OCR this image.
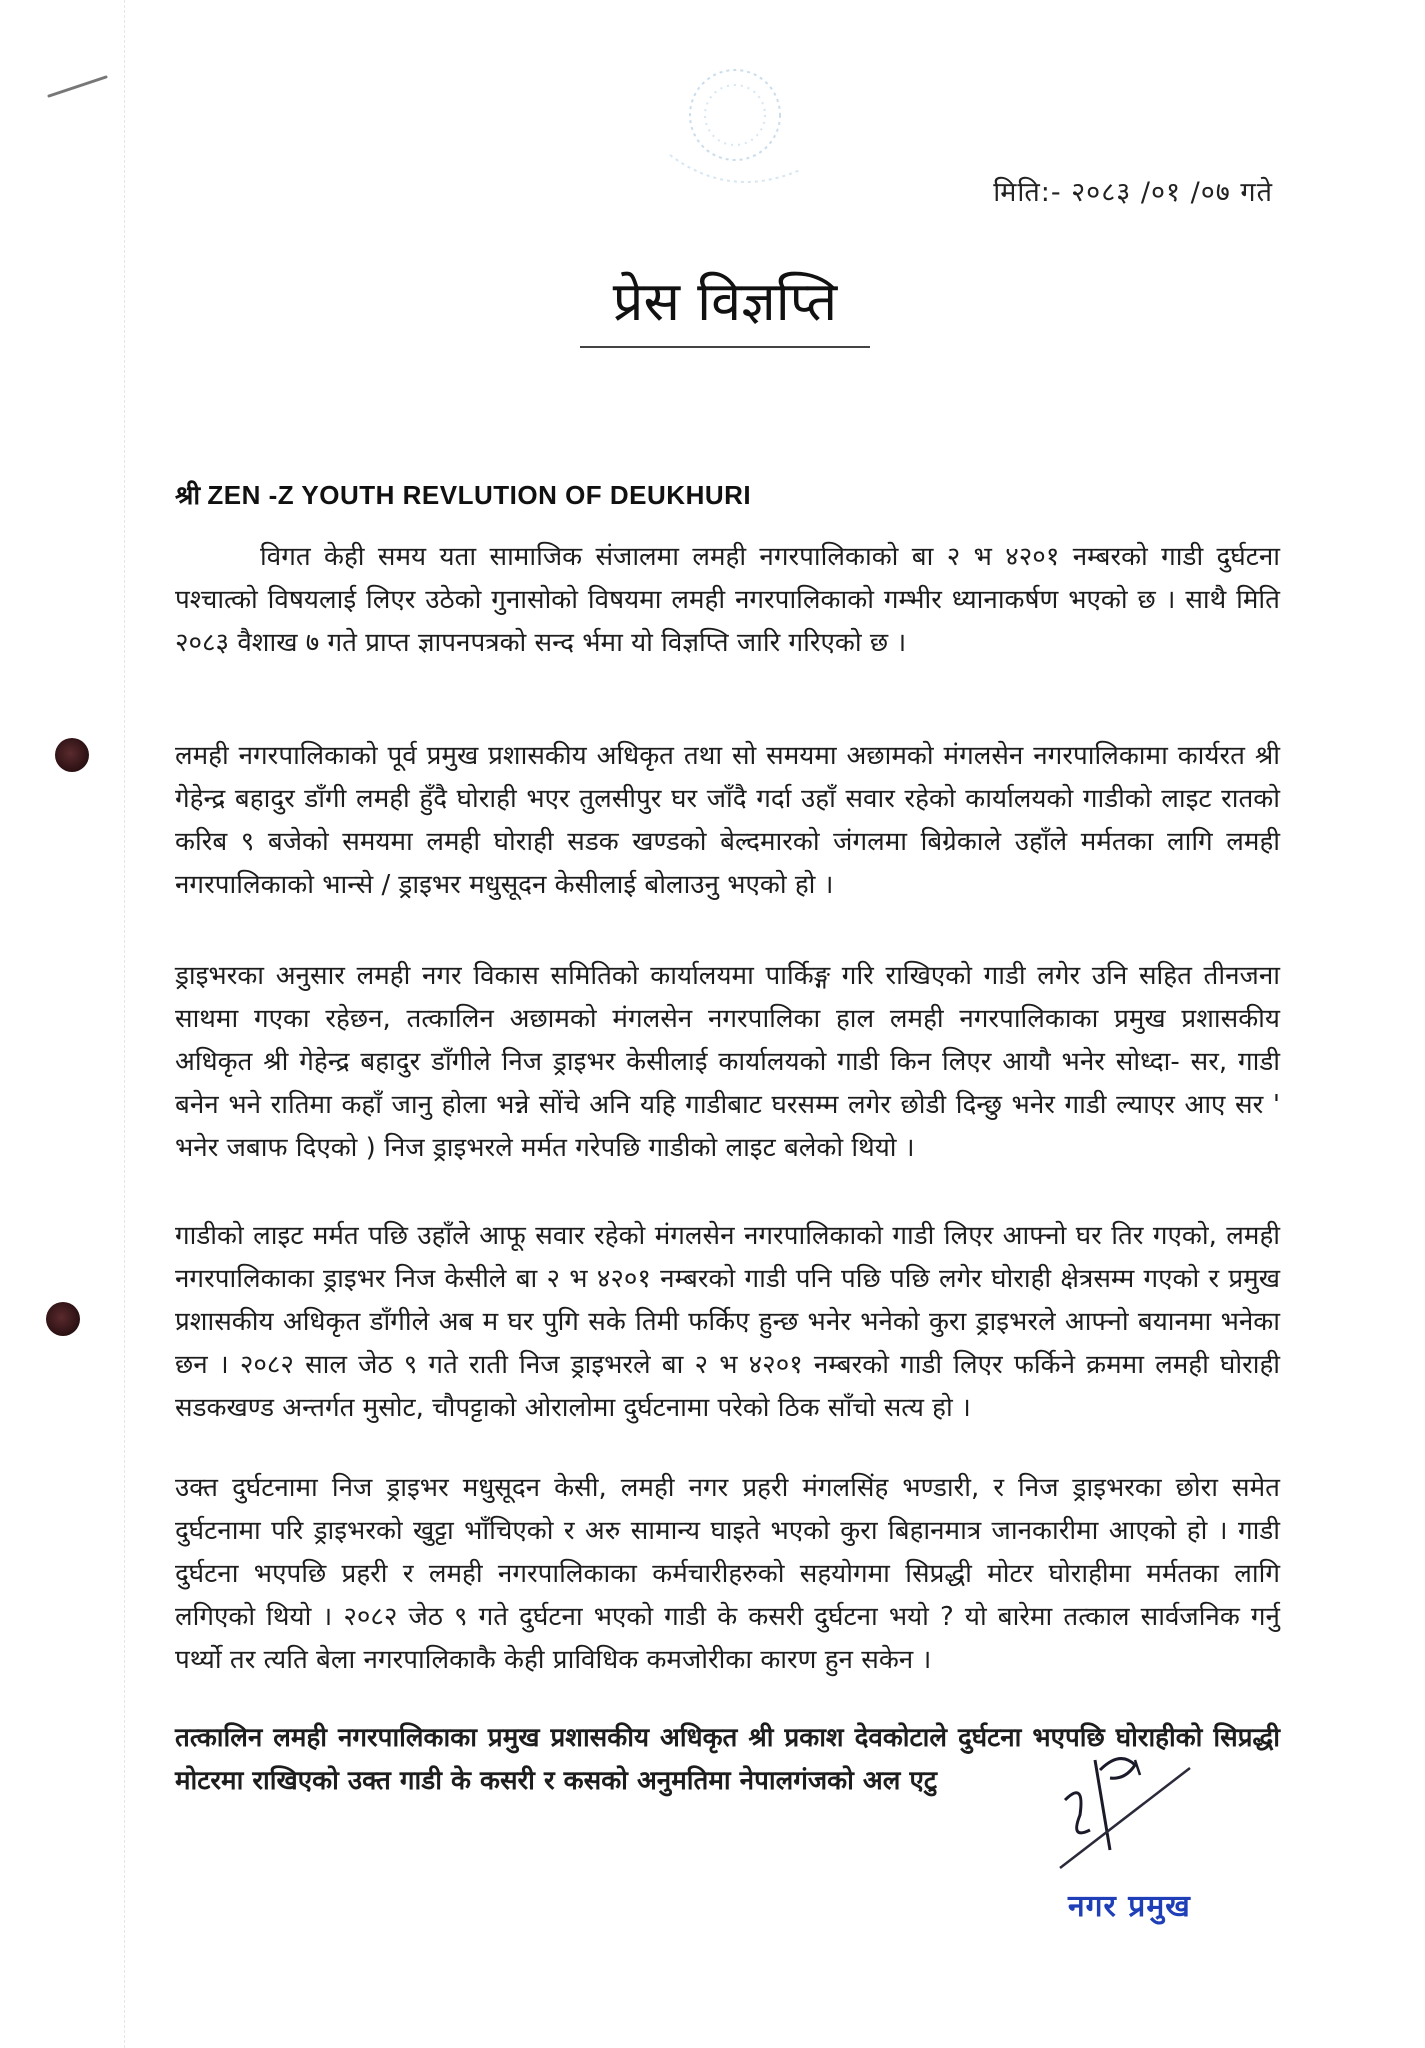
मिति:- २०८३ /०१ /०७ गते
प्रेस विज्ञप्ति
श्री ZEN -Z YOUTH REVLUTION OF DEUKHURI

विगत केही समय यता सामाजिक संजालमा लमही नगरपालिकाको बा २ भ ४२०१ नम्बरको गाडी दुर्घटना पश्चात्को विषयलाई लिएर उठेको गुनासोको विषयमा लमही नगरपालिकाको गम्भीर ध्यानाकर्षण भएको छ । साथै मिति २०८३ वैशाख ७ गते प्राप्त ज्ञापनपत्रको सन्द र्भमा यो विज्ञप्ति जारि गरिएको छ ।

लमही नगरपालिकाको पूर्व प्रमुख प्रशासकीय अधिकृत तथा सो समयमा अछामको मंगलसेन नगरपालिकामा कार्यरत श्री गेहेन्द्र बहादुर डाँगी लमही हुँदै घोराही भएर तुलसीपुर घर जाँदै गर्दा उहाँ सवार रहेको कार्यालयको गाडीको लाइट रातको करिब ९ बजेको समयमा लमही घोराही सडक खण्डको बेल्दमारको जंगलमा बिग्रेकाले उहाँले मर्मतका लागि लमही नगरपालिकाको भान्से / ड्राइभर मधुसूदन केसीलाई बोलाउनु भएको हो ।

ड्राइभरका अनुसार लमही नगर विकास समितिको कार्यालयमा पार्किङ्ग गरि राखिएको गाडी लगेर उनि सहित तीनजना साथमा गएका रहेछन, तत्कालिन अछामको मंगलसेन नगरपालिका हाल लमही नगरपालिकाका प्रमुख प्रशासकीय अधिकृत श्री गेहेन्द्र बहादुर डाँगीले निज ड्राइभर केसीलाई कार्यालयको गाडी किन लिएर आयौ भनेर सोध्दा- सर, गाडी बनेन भने रातिमा कहाँ जानु होला भन्ने सोंचे अनि यहि गाडीबाट घरसम्म लगेर छोडी दिन्छु भनेर गाडी ल्याएर आए सर ' भनेर जबाफ दिएको ) निज ड्राइभरले मर्मत गरेपछि गाडीको लाइट बलेको थियो ।

गाडीको लाइट मर्मत पछि उहाँले आफू सवार रहेको मंगलसेन नगरपालिकाको गाडी लिएर आफ्नो घर तिर गएको, लमही नगरपालिकाका ड्राइभर निज केसीले बा २ भ ४२०१ नम्बरको गाडी पनि पछि पछि लगेर घोराही क्षेत्रसम्म गएको र प्रमुख प्रशासकीय अधिकृत डाँगीले अब म घर पुगि सके तिमी फर्किए हुन्छ भनेर भनेको कुरा ड्राइभरले आफ्नो बयानमा भनेका छन । २०८२ साल जेठ ९ गते राती निज ड्राइभरले बा २ भ ४२०१ नम्बरको गाडी लिएर फर्किने क्रममा लमही घोराही सडकखण्ड अन्तर्गत मुसोट, चौपट्टाको ओरालोमा दुर्घटनामा परेको ठिक साँचो सत्य हो ।

उक्त दुर्घटनामा निज ड्राइभर मधुसूदन केसी, लमही नगर प्रहरी मंगलसिंह भण्डारी, र निज ड्राइभरका छोरा समेत दुर्घटनामा परि ड्राइभरको खुट्टा भाँचिएको र अरु सामान्य घाइते भएको कुरा बिहानमात्र जानकारीमा आएको हो । गाडी दुर्घटना भएपछि प्रहरी र लमही नगरपालिकाका कर्मचारीहरुको सहयोगमा सिप्रद्धी मोटर घोराहीमा मर्मतका लागि लगिएको थियो । २०८२ जेठ ९ गते दुर्घटना भएको गाडी के कसरी दुर्घटना भयो ? यो बारेमा तत्काल सार्वजनिक गर्नु पर्थ्यो तर त्यति बेला नगरपालिकाकै केही प्राविधिक कमजोरीका कारण हुन सकेन ।

तत्कालिन लमही नगरपालिकाका प्रमुख प्रशासकीय अधिकृत श्री प्रकाश देवकोटाले दुर्घटना भएपछि घोराहीको सिप्रद्धी मोटरमा राखिएको उक्त गाडी के कसरी र कसको अनुमतिमा नेपालगंजको अल एटु

नगर प्रमुख
